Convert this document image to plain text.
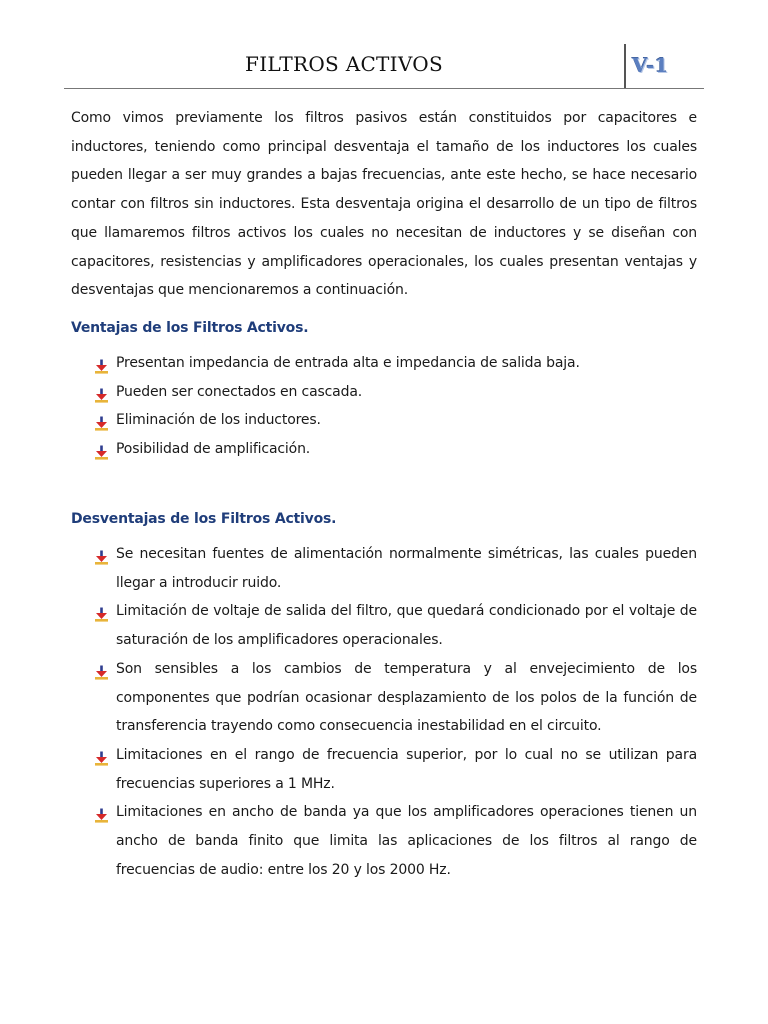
FILTROS ACTIVOS	V-1

Como vimos previamente los filtros pasivos están constituidos por capacitores e inductores, teniendo como principal desventaja el tamaño de los inductores los cuales pueden llegar a ser muy grandes a bajas frecuencias, ante este hecho, se hace necesario contar con filtros sin inductores. Esta desventaja origina el desarrollo de un tipo de filtros que llamaremos filtros activos los cuales no necesitan de inductores y se diseñan con capacitores, resistencias y amplificadores operacionales, los cuales presentan ventajas y desventajas que mencionaremos a continuación.

Ventajas de los Filtros Activos.
Presentan impedancia de entrada alta e impedancia de salida baja.
Pueden ser conectados en cascada.
Eliminación de los inductores.
Posibilidad de amplificación.
Desventajas de los Filtros Activos.
Se necesitan fuentes de alimentación normalmente simétricas, las cuales pueden llegar a introducir ruido.
Limitación de voltaje de salida del filtro, que quedará condicionado por el voltaje de saturación de los amplificadores operacionales.
Son sensibles a los cambios de temperatura y al envejecimiento de los componentes que podrían ocasionar desplazamiento de los polos de la función de transferencia trayendo como consecuencia inestabilidad en el circuito.
Limitaciones en el rango de frecuencia superior, por lo cual no se utilizan para frecuencias superiores a 1 MHz.
Limitaciones en ancho de banda ya que los amplificadores operaciones tienen un ancho de banda finito que limita las aplicaciones de los filtros al rango de frecuencias de audio: entre los 20 y los 2000 Hz.
